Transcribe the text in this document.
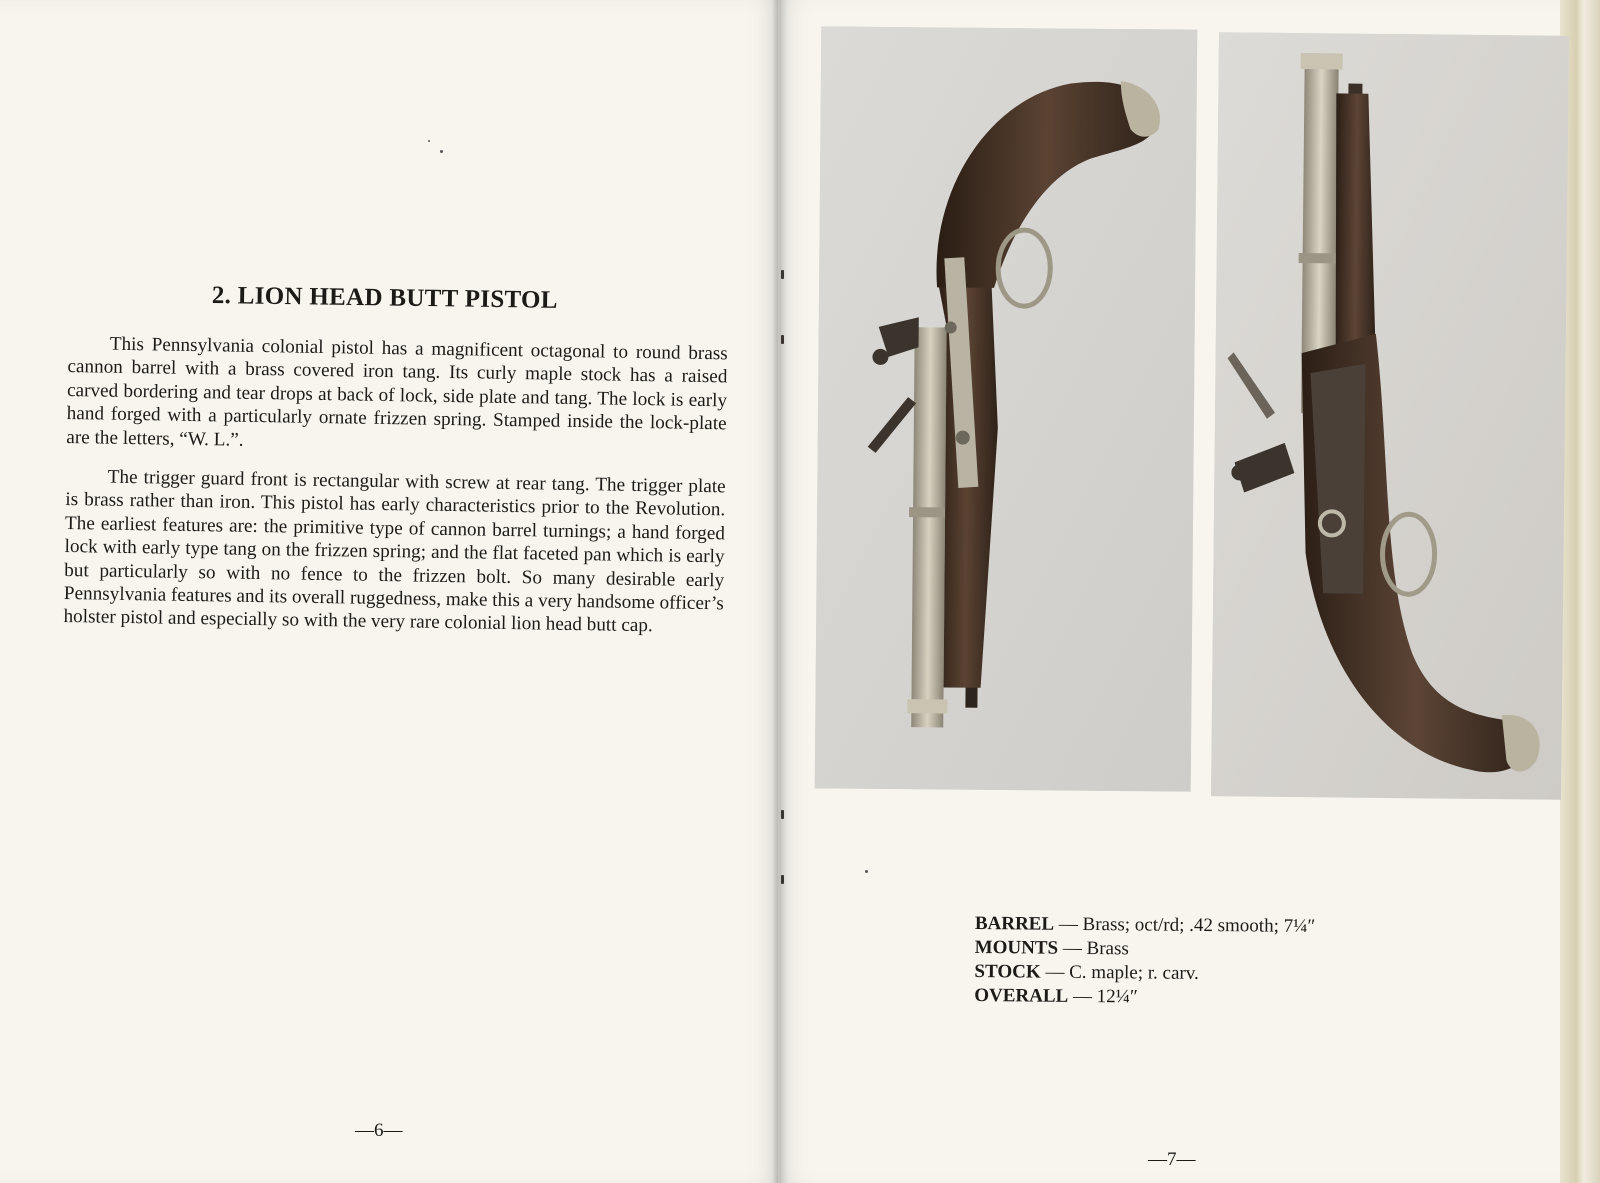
2. LION HEAD BUTT PISTOL

This Pennsylvania colonial pistol has a magnificent octagonal to round brass cannon barrel with a brass covered iron tang. Its curly maple stock has a raised carved bordering and tear drops at back of lock, side plate and tang. The lock is early hand forged with a particularly ornate frizzen spring. Stamped inside the lock-plate are the letters, “W. L.”.

The trigger guard front is rectangular with screw at rear tang. The trigger plate is brass rather than iron. This pistol has early characteristics prior to the Revolution. The earliest features are: the primitive type of cannon barrel turnings; a hand forged lock with early type tang on the frizzen spring; and the flat faceted pan which is early but particularly so with no fence to the frizzen bolt. So many desirable early Pennsylvania features and its overall ruggedness, make this a very handsome officer’s holster pistol and especially so with the very rare colonial lion head butt cap.

—6—
BARREL — Brass; oct/rd; .42 smooth; 7¼″
MOUNTS — Brass
STOCK — C. maple; r. carv.
OVERALL — 12¼″
—7—
